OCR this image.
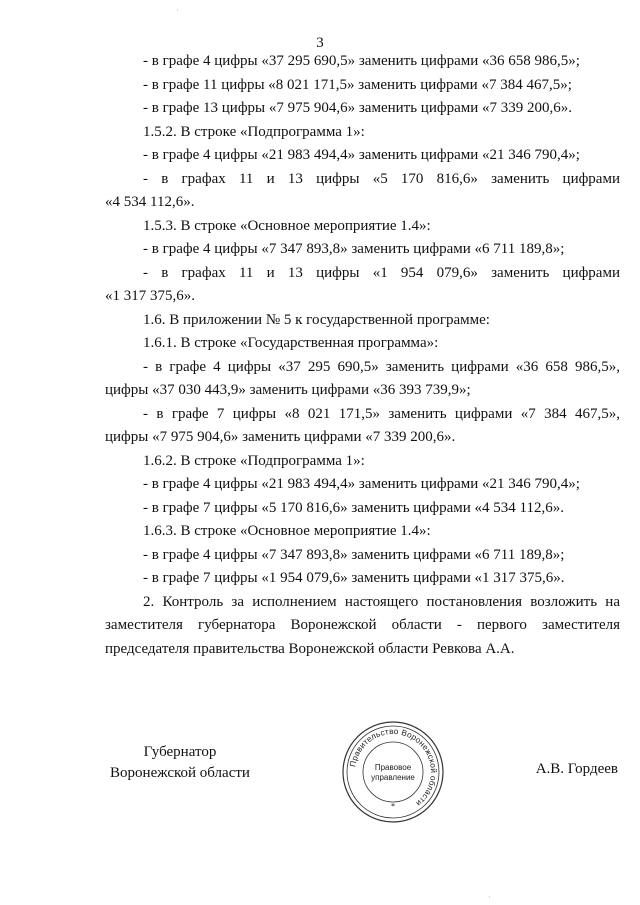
3
- в графе 4 цифры «37 295 690,5» заменить цифрами «36 658 986,5»;
- в графе 11 цифры «8 021 171,5» заменить цифрами «7 384 467,5»;
- в графе 13 цифры «7 975 904,6» заменить цифрами «7 339 200,6».
1.5.2. В строке «Подпрограмма 1»:
- в графе 4 цифры «21 983 494,4» заменить цифрами «21 346 790,4»;
- в графах 11 и 13 цифры «5 170 816,6» заменить цифрами
«4 534 112,6».
1.5.3. В строке «Основное мероприятие 1.4»:
- в графе 4 цифры «7 347 893,8» заменить цифрами «6 711 189,8»;
- в графах 11 и 13 цифры «1 954 079,6» заменить цифрами
«1 317 375,6».
1.6. В приложении № 5 к государственной программе:
1.6.1. В строке «Государственная программа»:
- в графе 4 цифры «37 295 690,5» заменить цифрами «36 658 986,5»,
цифры «37 030 443,9» заменить цифрами «36 393 739,9»;
- в графе 7 цифры «8 021 171,5» заменить цифрами «7 384 467,5»,
цифры «7 975 904,6» заменить цифрами «7 339 200,6».
1.6.2. В строке «Подпрограмма 1»:
- в графе 4 цифры «21 983 494,4» заменить цифрами «21 346 790,4»;
- в графе 7 цифры «5 170 816,6» заменить цифрами «4 534 112,6».
1.6.3. В строке «Основное мероприятие 1.4»:
- в графе 4 цифры «7 347 893,8» заменить цифрами «6 711 189,8»;
- в графе 7 цифры «1 954 079,6» заменить цифрами «1 317 375,6».
2. Контроль за исполнением настоящего постановления возложить на
заместителя губернатора Воронежской области - первого заместителя
председателя правительства Воронежской области Ревкова А.А.
Губернатор
Воронежской области
Правительство Воронежской области
Правовое
управление
*
А.В. Гордеев
·
·
